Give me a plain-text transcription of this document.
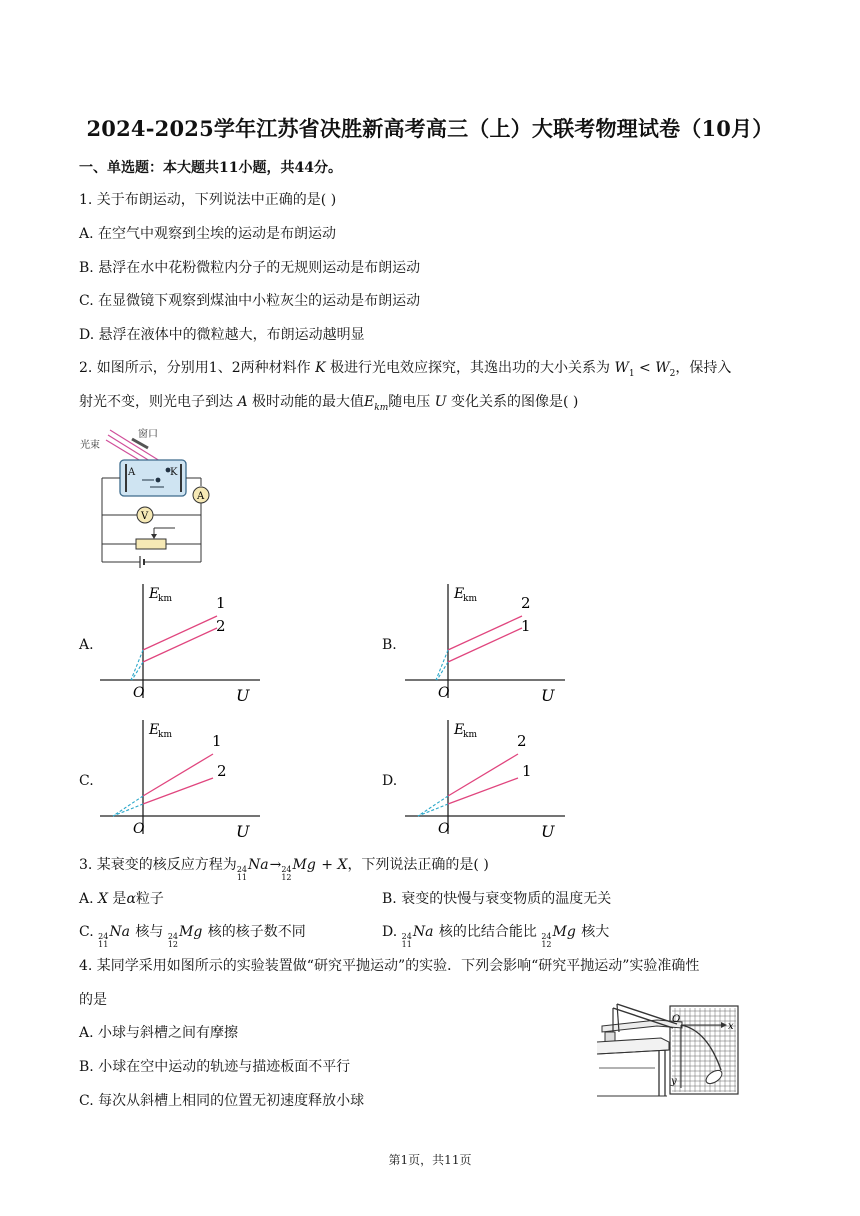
2024-2025学年江苏省决胜新高考高三（上）大联考物理试卷（10月）
一、单选题：本大题共11小题，共44分。
1. 关于布朗运动，下列说法中正确的是( )
A. 在空气中观察到尘埃的运动是布朗运动
B. 悬浮在水中花粉微粒内分子的无规则运动是布朗运动
C. 在显微镜下观察到煤油中小粒灰尘的运动是布朗运动
D. 悬浮在液体中的微粒越大，布朗运动越明显
2. 如图所示，分别用1、2两种材料作 K 极进行光电效应探究，其逸出功的大小关系为 $W_1 < W_2$，保持入
射光不变，则光电子到达 A 极时动能的最大值$E_{km}$随电压 U 变化关系的图像是( )
光束
窗口
A	K
A
V
A.
E
km
U
O
1
2
B.
E
km
U
O
2
1
C.
E
km
U
O
1
2
D.
E
km
U
O
2
1
3. 某衰变的核反应方程为 24
11
Na→ 24
12
Mg + X，下列说法正确的是( )
A. X 是α粒子	B. 衰变的快慢与衰变物质的温度无关
C. 24
11
Na 核与 24
12
Mg 核的核子数不同	D. 24
11
Na 核的比结合能比 24
12
Mg 核大
4. 某同学采用如图所示的实验装置做“研究平抛运动”的实验．下列会影响“研究平抛运动”实验准确性
的是
A. 小球与斜槽之间有摩擦
B. 小球在空中运动的轨迹与描迹板面不平行
C. 每次从斜槽上相同的位置无初速度释放小球
O
x
y
第1页，共11页
